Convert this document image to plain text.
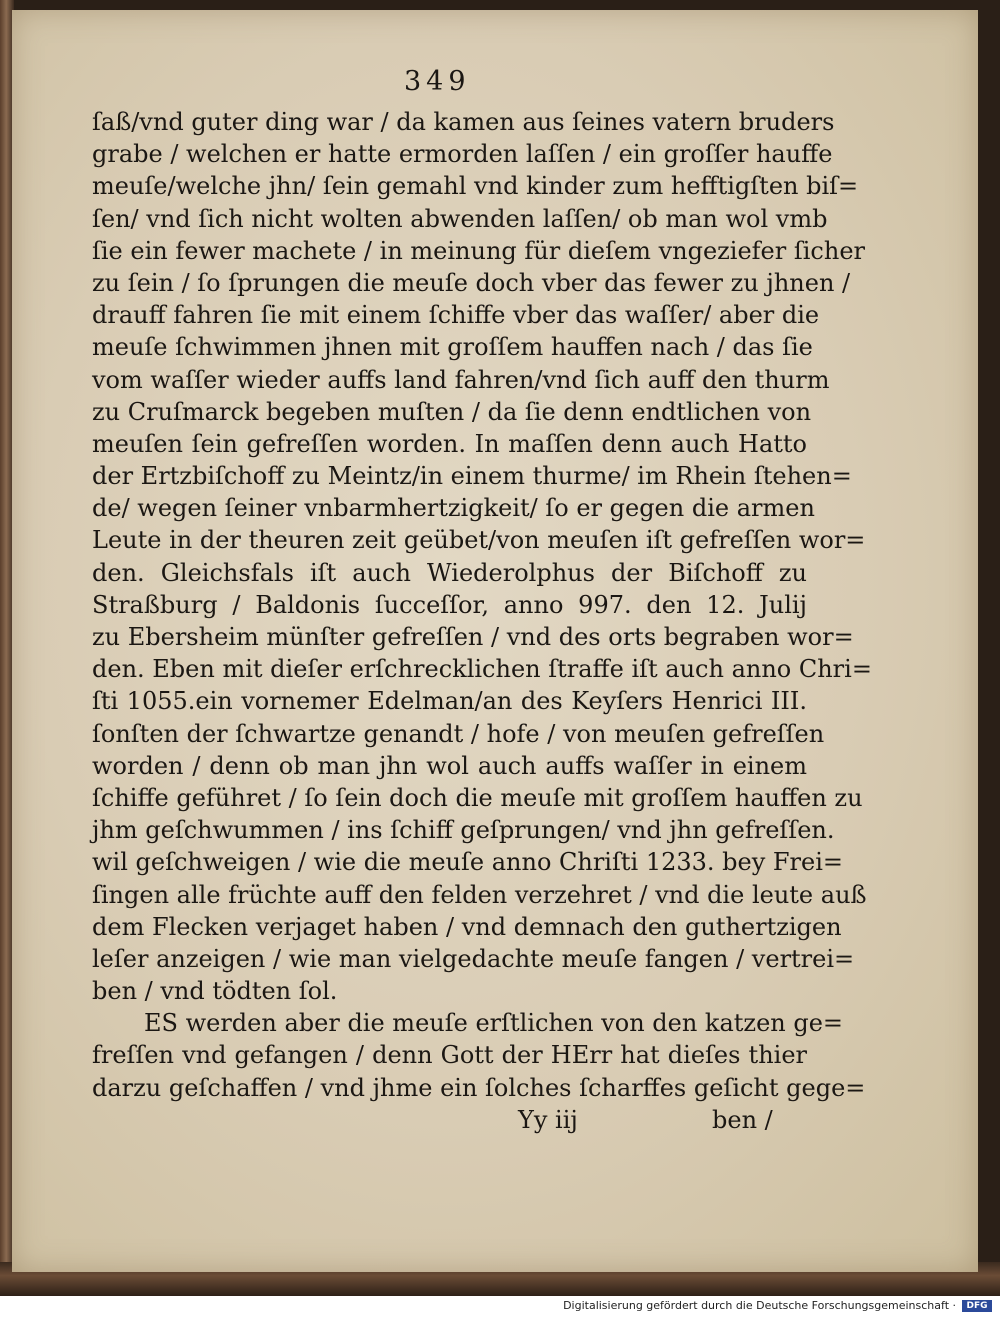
349
ſaß/vnd guter ding war / da kamen aus ſeines vatern bruders
grabe / welchen er hatte ermorden laſſen / ein groſſer hauffe
meuſe/welche jhn/ ſein gemahl vnd kinder zum hefftigſten biſ=
ſen/ vnd ſich nicht wolten abwenden laſſen/ ob man wol vmb
ſie ein fewer machete / in meinung für dieſem vngeziefer ſicher
zu ſein / ſo ſprungen die meuſe doch vber das fewer zu jhnen /
drauff fahren ſie mit einem ſchiffe vber das waſſer/ aber die
meuſe ſchwimmen jhnen mit groſſem hauffen nach / das ſie
vom waſſer wieder auffs land fahren/vnd ſich auff den thurm
zu Cruſmarck begeben muſten / da ſie denn endtlichen von
meuſen ſein gefreſſen worden. In maſſen denn auch Hatto
der Ertzbiſchoff zu Meintz/in einem thurme/ im Rhein ſtehen=
de/ wegen ſeiner vnbarmhertzigkeit/ ſo er gegen die armen
Leute in der theuren zeit geübet/von meuſen iſt gefreſſen wor=
den. Gleichsfals iſt auch Wiederolphus der Biſchoff zu
Straßburg / Baldonis ſucceſſor, anno 997. den 12. Julij
zu Ebersheim münſter gefreſſen / vnd des orts begraben wor=
den. Eben mit dieſer erſchrecklichen ſtraffe iſt auch anno Chri=
ſti 1055.ein vornemer Edelman/an des Keyſers Henrici III.
ſonſten der ſchwartze genandt / hofe / von meuſen gefreſſen
worden / denn ob man jhn wol auch auffs waſſer in einem
ſchiffe geführet / ſo ſein doch die meuſe mit groſſem hauffen zu
jhm geſchwummen / ins ſchiff geſprungen/ vnd jhn gefreſſen.
wil geſchweigen / wie die meuſe anno Chriſti 1233. bey Frei=
ſingen alle früchte auff den felden verzehret / vnd die leute auß
dem Flecken verjaget haben / vnd demnach den guthertzigen
leſer anzeigen / wie man vielgedachte meuſe fangen / vertrei=
ben / vnd tödten ſol.
ES werden aber die meuſe erſtlichen von den katzen ge=
freſſen vnd gefangen / denn Gott der HErr hat dieſes thier
darzu geſchaffen / vnd jhme ein ſolches ſcharffes geſicht gege=
Yy iij	ben /
Digitalisierung gefördert durch die Deutsche Forschungsgemeinschaft ·	DFG
